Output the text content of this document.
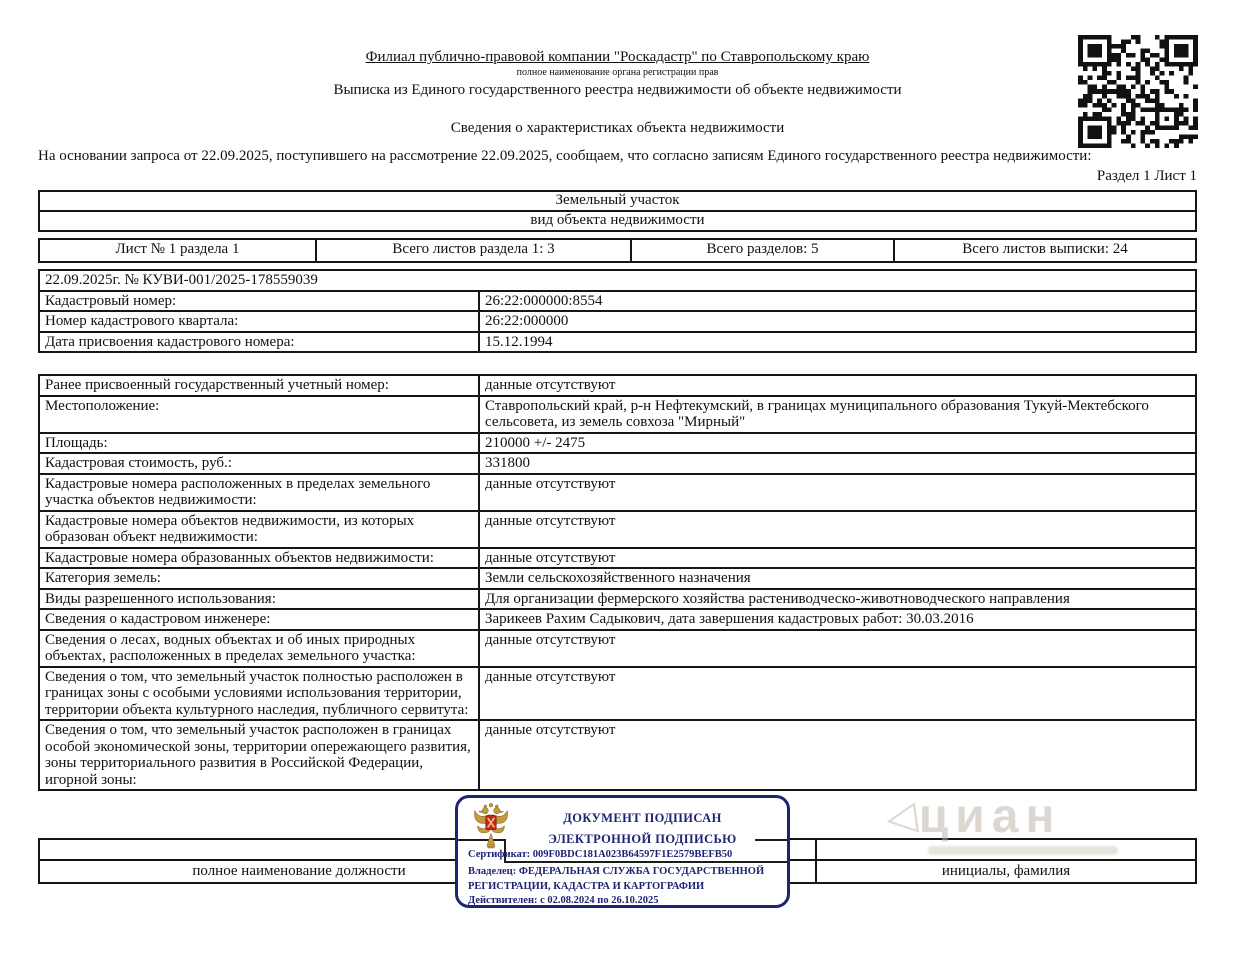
Филиал публично-правовой компании "Роскадастр" по Ставропольскому краю
полное наименование органа регистрации прав
Выписка из Единого государственного реестра недвижимости об объекте недвижимости
Сведения о характеристиках объекта недвижимости
На основании запроса от 22.09.2025, поступившего на рассмотрение 22.09.2025, сообщаем, что согласно записям Единого государственного реестра недвижимости:
Раздел 1 Лист 1
Земельный участок
вид объекта недвижимости
Лист № 1 раздела 1	Всего листов раздела 1: 3	Всего разделов: 5	Всего листов выписки: 24
22.09.2025г. № КУВИ-001/2025-178559039	
Кадастровый номер:	26:22:000000:8554
Номер кадастрового квартала:	26:22:000000
Дата присвоения кадастрового номера:	15.12.1994
Ранее присвоенный государственный учетный номер:	данные отсутствуют
Местоположение:	Ставропольский край, р-н Нефтекумский, в границах муниципального образования Тукуй-Мектебского сельсовета, из земель совхоза "Мирный"
Площадь:	210000 +/- 2475
Кадастровая стоимость, руб.:	331800
Кадастровые номера расположенных в пределах земельного участка объектов недвижимости:	данные отсутствуют
Кадастровые номера объектов недвижимости, из которых образован объект недвижимости:	данные отсутствуют
Кадастровые номера образованных объектов недвижимости:	данные отсутствуют
Категория земель:	Земли сельскохозяйственного назначения
Виды разрешенного использования:	Для организации фермерского хозяйства растениводческо-животноводческого направления
Сведения о кадастровом инженере:	Зарикеев Рахим Садыкович, дата завершения кадастровых работ: 30.03.2016
Сведения о лесах, водных объектах и об иных природных объектах, расположенных в пределах земельного участка:	данные отсутствуют
Сведения о том, что земельный участок полностью расположен в границах зоны с особыми условиями использования территории, территории объекта культурного наследия, публичного сервитута:	данные отсутствуют
Сведения о том, что земельный участок расположен в границах особой экономической зоны, территории опережающего развития, зоны территориального развития в Российской Федерации, игорной зоны:	данные отсутствуют
◁ циан

полное наименование должности		инициалы, фамилия
ДОКУМЕНТ ПОДПИСАН
ЭЛЕКТРОННОЙ ПОДПИСЬЮ
Сертификат: 009F0BDC181A023B64597F1E2579BEFB50
Владелец: ФЕДЕРАЛЬНАЯ СЛУЖБА ГОСУДАРСТВЕННОЙ
РЕГИСТРАЦИИ, КАДАСТРА И КАРТОГРАФИИ
Действителен: с 02.08.2024 по 26.10.2025
